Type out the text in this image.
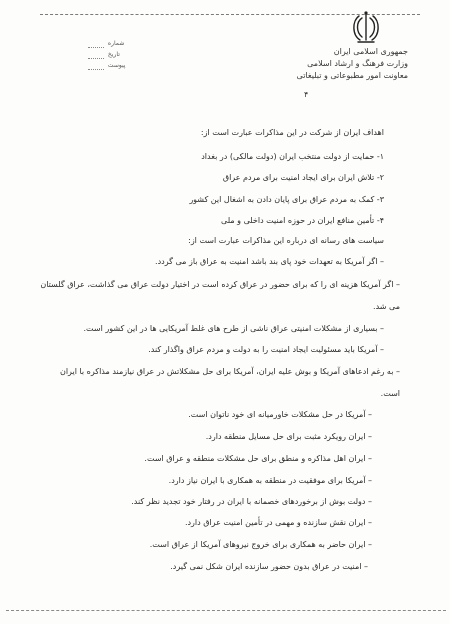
جمهوری اسلامی ایران
وزارت فرهنگ و ارشاد اسلامی
معاونت امور مطبوعاتی و تبلیغاتی
شماره
تاریخ
پیوست
۴
اهداف ایران از شرکت در این مذاکرات عبارت است از:
۱- حمایت از دولت منتخب ایران (دولت مالکی) در بغداد
۲- تلاش ایران برای ایجاد امنیت برای مردم عراق
۳- کمک به مردم عراق برای پایان دادن به اشغال این کشور
۴- تأمین منافع ایران در حوزه امنیت داخلی و ملی
سیاست های رسانه ای درباره این مذاکرات عبارت است از:
– اگر آمریکا به تعهدات خود پای بند باشد امنیت به عراق باز می گردد.
– اگر آمریکا هزینه ای را که برای حضور در عراق کرده است در اختیار دولت عراق می گذاشت، عراق گلستان
می شد.
– بسیاری از مشکلات امنیتی عراق ناشی از طرح های غلط آمریکایی ها در این کشور است.
– آمریکا باید مسئولیت ایجاد امنیت را به دولت و مردم عراق واگذار کند.
– به رغم ادعاهای آمریکا و بوش علیه ایران، آمریکا برای حل مشکلاتش در عراق نیازمند مذاکره با ایران
است.
– آمریکا در حل مشکلات خاورمیانه ای خود ناتوان است.
– ایران رویکرد مثبت برای حل مسایل منطقه دارد.
– ایران اهل مذاکره و منطق برای حل مشکلات منطقه و عراق است.
– آمریکا برای موفقیت در منطقه به همکاری با ایران نیاز دارد.
– دولت بوش از برخوردهای خصمانه با ایران در رفتار خود تجدید نظر کند.
– ایران نقش سازنده و مهمی در تأمین امنیت عراق دارد.
– ایران حاضر به همکاری برای خروج نیروهای آمریکا از عراق است.
– امنیت در عراق بدون حضور سازنده ایران شکل نمی گیرد.
